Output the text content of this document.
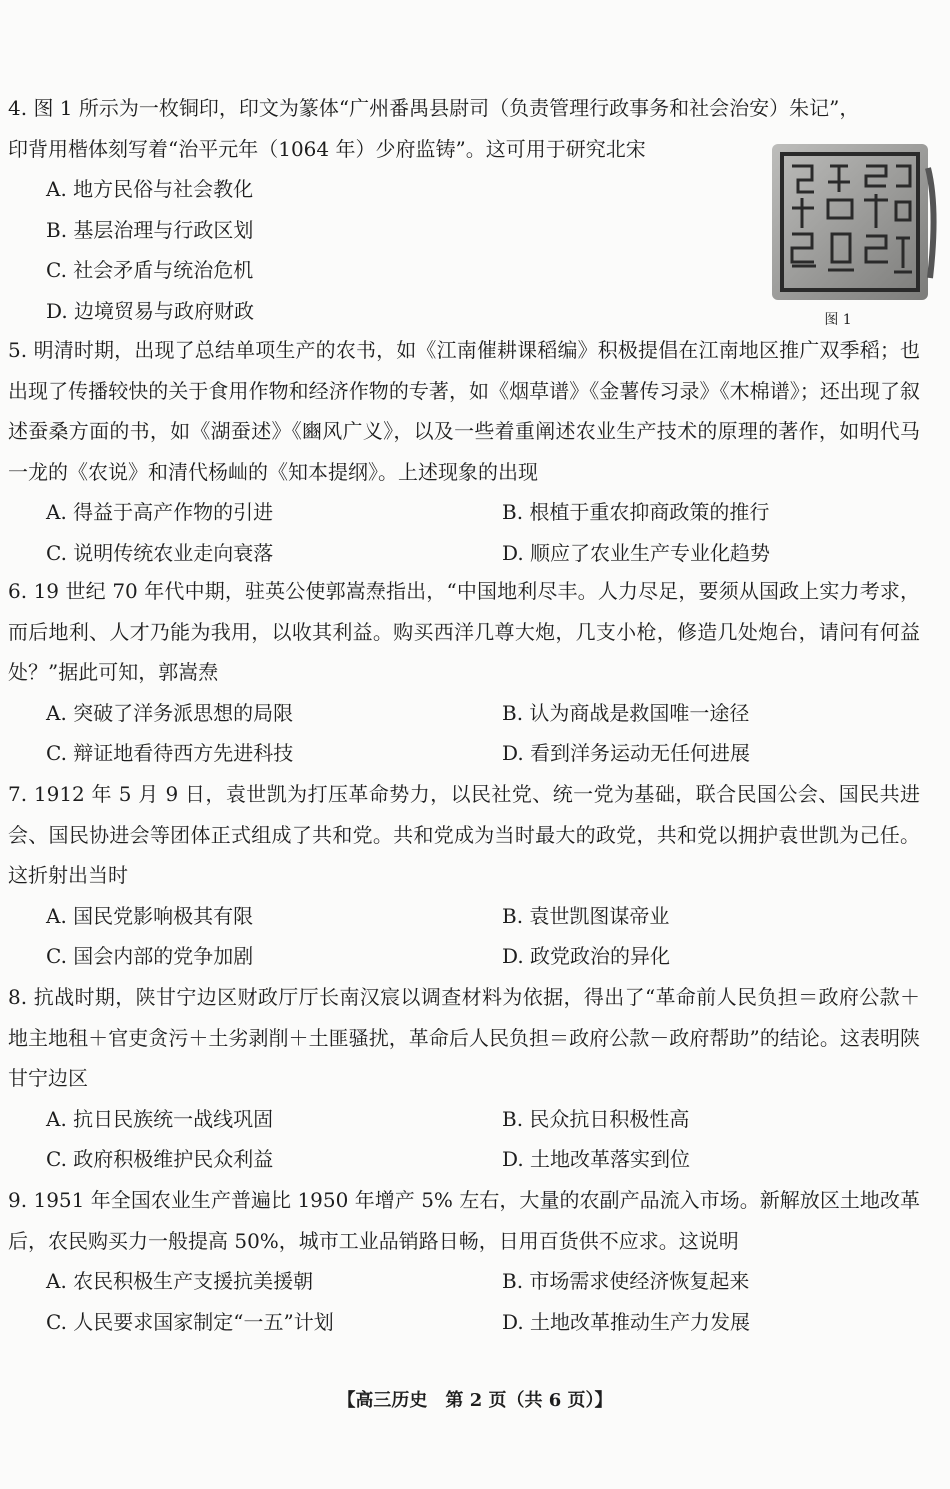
4. 图 1 所示为一枚铜印，印文为篆体“广州番禺县尉司（负责管理行政事务和社会治安）朱记”，
印背用楷体刻写着“治平元年（1064 年）少府监铸”。这可用于研究北宋

A. 地方民俗与社会教化
B. 基层治理与行政区划
C. 社会矛盾与统治危机
D. 边境贸易与政府财政	图 1

5. 明清时期，出现了总结单项生产的农书，如《江南催耕课稻编》积极提倡在江南地区推广双季稻；也出现了传播较快的关于食用作物和经济作物的专著，如《烟草谱》《金薯传习录》《木棉谱》；还出现了叙述蚕桑方面的书，如《湖蚕述》《豳风广义》，以及一些着重阐述农业生产技术的原理的著作，如明代马一龙的《农说》和清代杨屾的《知本提纲》。上述现象的出现

A. 得益于高产作物的引进	B. 根植于重农抑商政策的推行
C. 说明传统农业走向衰落	D. 顺应了农业生产专业化趋势

6. 19 世纪 70 年代中期，驻英公使郭嵩焘指出，“中国地利尽丰。人力尽足，要须从国政上实力考求，而后地利、人才乃能为我用，以收其利益。购买西洋几尊大炮，几支小枪，修造几处炮台，请问有何益处？”据此可知，郭嵩焘

A. 突破了洋务派思想的局限	B. 认为商战是救国唯一途径
C. 辩证地看待西方先进科技	D. 看到洋务运动无任何进展

7. 1912 年 5 月 9 日，袁世凯为打压革命势力，以民社党、统一党为基础，联合民国公会、国民共进会、国民协进会等团体正式组成了共和党。共和党成为当时最大的政党，共和党以拥护袁世凯为己任。这折射出当时

A. 国民党影响极其有限	B. 袁世凯图谋帝业
C. 国会内部的党争加剧	D. 政党政治的异化

8. 抗战时期，陕甘宁边区财政厅厅长南汉宸以调查材料为依据，得出了“革命前人民负担＝政府公款＋地主地租＋官吏贪污＋土劣剥削＋土匪骚扰，革命后人民负担＝政府公款－政府帮助”的结论。这表明陕甘宁边区

A. 抗日民族统一战线巩固	B. 民众抗日积极性高
C. 政府积极维护民众利益	D. 土地改革落实到位

9. 1951 年全国农业生产普遍比 1950 年增产 5% 左右，大量的农副产品流入市场。新解放区土地改革后，农民购买力一般提高 50%，城市工业品销路日畅，日用百货供不应求。这说明

A. 农民积极生产支援抗美援朝	B. 市场需求使经济恢复起来
C. 人民要求国家制定“一五”计划	D. 土地改革推动生产力发展
【高三历史　第 2 页（共 6 页）】
